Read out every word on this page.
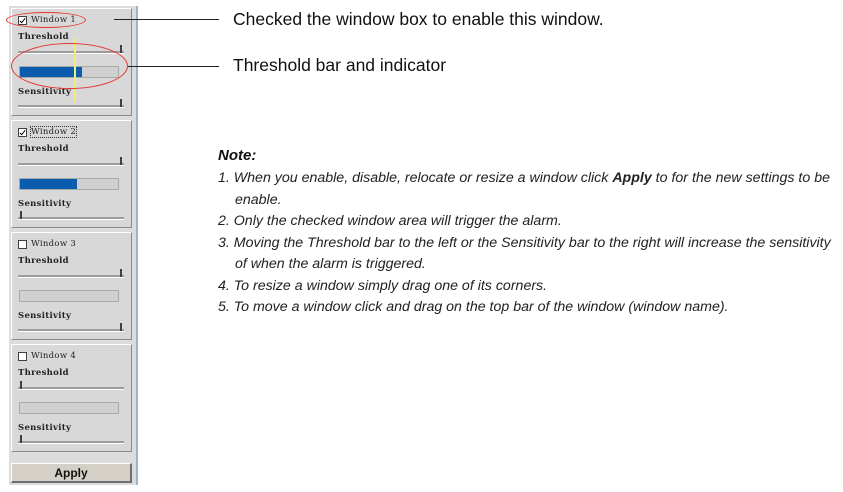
Window 1
Threshold
Sensitivity
Window 2
Threshold
Sensitivity
Window 3
Threshold
Sensitivity
Window 4
Threshold
Sensitivity
Apply
Checked the window box to enable this window.
Threshold bar and indicator
Note:
1. When you enable, disable, relocate or resize a window click Apply to for the new settings to be enable.
2. Only the checked window area will trigger the alarm.
3. Moving the Threshold bar to the left or the Sensitivity bar to the right will increase the sensitivity of when the alarm is triggered.
4. To resize a window simply drag one of its corners.
5. To move a window click and drag on the top bar of the window (window name).
